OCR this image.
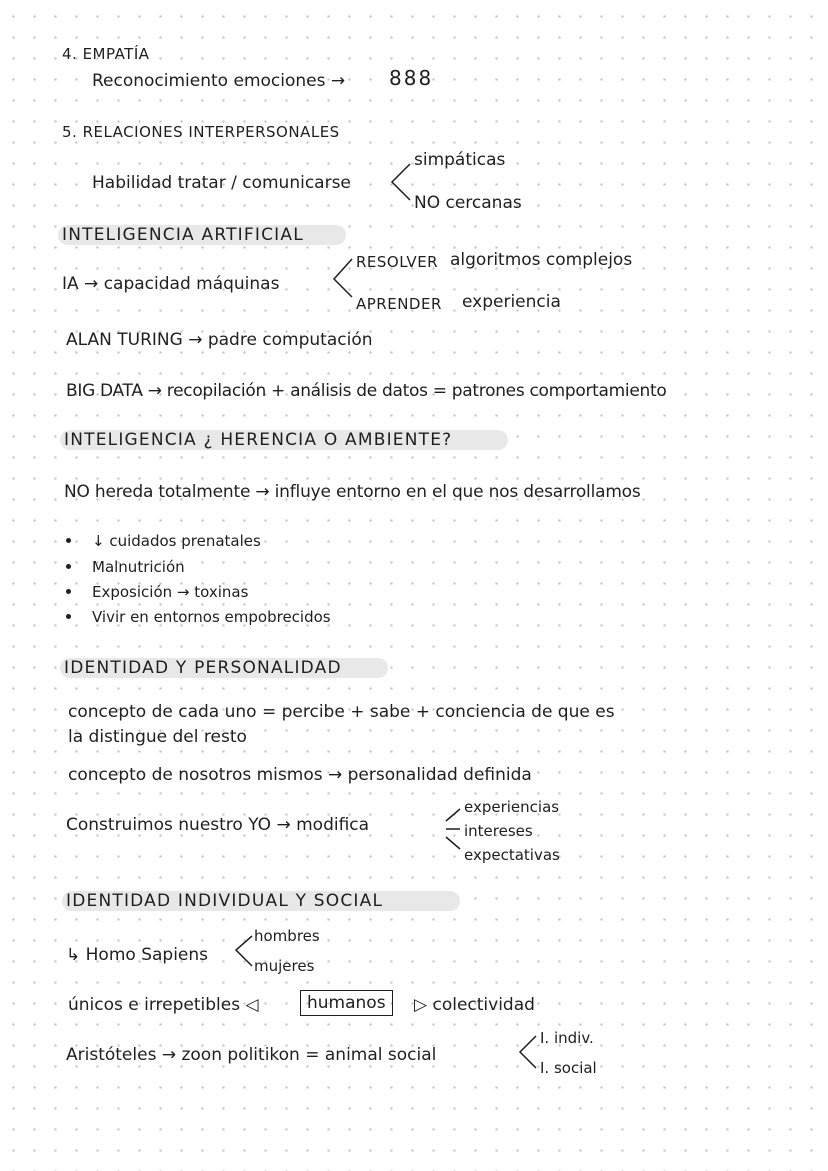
4. EMPATÍA
Reconocimiento emociones → 888
5. RELACIONES INTERPERSONALES
Habilidad tratar / comunicarse
simpáticas
NO cercanas
INTELIGENCIA ARTIFICIAL
IA → capacidad máquinas
RESOLVER algoritmos complejos
APRENDER experiencia
ALAN TURING → padre computación
BIG DATA → recopilación + análisis de datos = patrones comportamiento
INTELIGENCIA ¿ HERENCIA O AMBIENTE?
NO hereda totalmente → influye entorno en el que nos desarrollamos
↓ cuidados prenatales
Malnutrición
Exposición → toxinas
Vivir en entornos empobrecidos
IDENTIDAD Y PERSONALIDAD
concepto de cada uno = percibe + sabe + conciencia de que es
la distingue del resto
concepto de nosotros mismos → personalidad definida
Construimos nuestro YO → modifica
experiencias
intereses
expectativas
IDENTIDAD INDIVIDUAL Y SOCIAL
↳ Homo Sapiens
hombres
mujeres
únicos e irrepetibles ◁	humanos	▷ colectividad
Aristóteles → zoon politikon = animal social
I. indiv.
I. social
